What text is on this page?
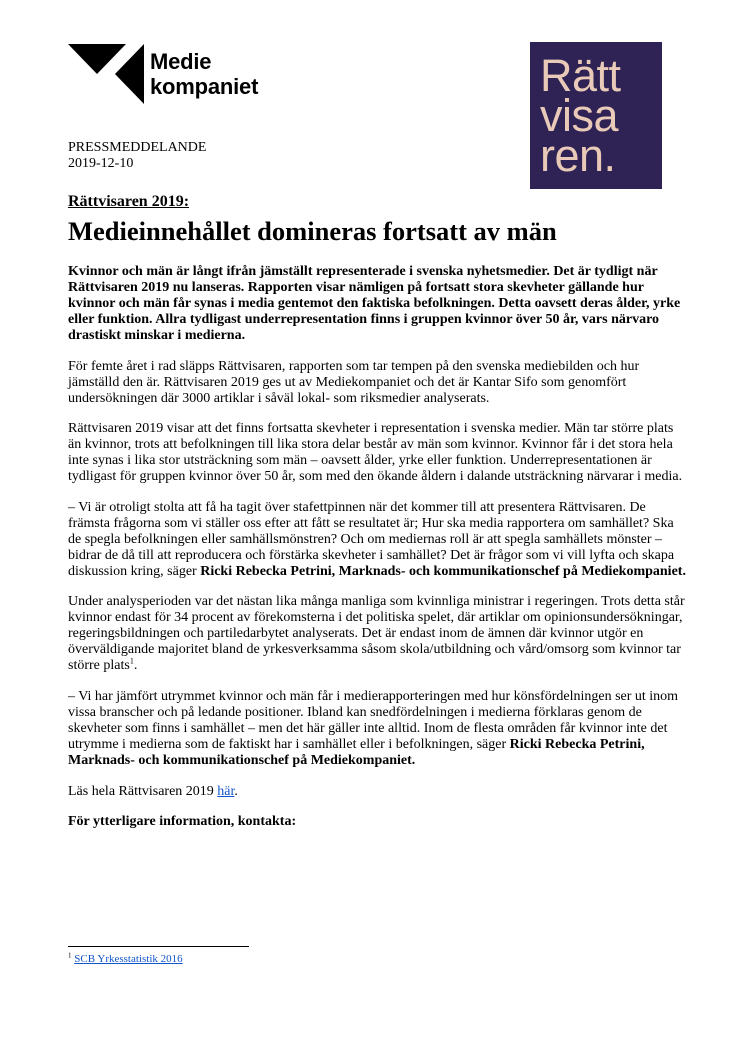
Medie
kompaniet	Rätt
visa
ren.
PRESSMEDDELANDE
2019-12-10
Rättvisaren 2019:
Medieinnehållet domineras fortsatt av män

Kvinnor och män är långt ifrån jämställt representerade i svenska nyhetsmedier. Det är tydligt när Rättvisaren 2019 nu lanseras. Rapporten visar nämligen på fortsatt stora skevheter gällande hur kvinnor och män får synas i media gentemot den faktiska befolkningen. Detta oavsett deras ålder, yrke eller funktion. Allra tydligast underrepresentation finns i gruppen kvinnor över 50 år, vars närvaro drastiskt minskar i medierna.

För femte året i rad släpps Rättvisaren, rapporten som tar tempen på den svenska mediebilden och hur jämställd den är. Rättvisaren 2019 ges ut av Mediekompaniet och det är Kantar Sifo som genomfört undersökningen där 3000 artiklar i såväl lokal- som riksmedier analyserats.

Rättvisaren 2019 visar att det finns fortsatta skevheter i representation i svenska medier. Män tar större plats än kvinnor, trots att befolkningen till lika stora delar består av män som kvinnor. Kvinnor får i det stora hela inte synas i lika stor utsträckning som män – oavsett ålder, yrke eller funktion. Underrepresentationen är tydligast för gruppen kvinnor över 50 år, som med den ökande åldern i dalande utsträckning närvarar i media.

– Vi är otroligt stolta att få ha tagit över stafettpinnen när det kommer till att presentera Rättvisaren. De främsta frågorna som vi ställer oss efter att fått se resultatet är; Hur ska media rapportera om samhället? Ska de spegla befolkningen eller samhällsmönstren? Och om mediernas roll är att spegla samhällets mönster – bidrar de då till att reproducera och förstärka skevheter i samhället? Det är frågor som vi vill lyfta och skapa diskussion kring, säger Ricki Rebecka Petrini, Marknads- och kommunikationschef på Mediekompaniet.

Under analysperioden var det nästan lika många manliga som kvinnliga ministrar i regeringen. Trots detta står kvinnor endast för 34 procent av förekomsterna i det politiska spelet, där artiklar om opinionsundersökningar, regeringsbildningen och partiledarbytet analyserats. Det är endast inom de ämnen där kvinnor utgör en överväldigande majoritet bland de yrkesverksamma såsom skola/utbildning och vård/omsorg som kvinnor tar större plats$^1$.

– Vi har jämfört utrymmet kvinnor och män får i medierapporteringen med hur könsfördelningen ser ut inom vissa branscher och på ledande positioner. Ibland kan snedfördelningen i medierna förklaras genom de skevheter som finns i samhället – men det här gäller inte alltid. Inom de flesta områden får kvinnor inte det utrymme i medierna som de faktiskt har i samhället eller i befolkningen, säger Ricki Rebecka Petrini, Marknads- och kommunikationschef på Mediekompaniet.

Läs hela Rättvisaren 2019 här.

För ytterligare information, kontakta:

$^1$ SCB Yrkesstatistik 2016
